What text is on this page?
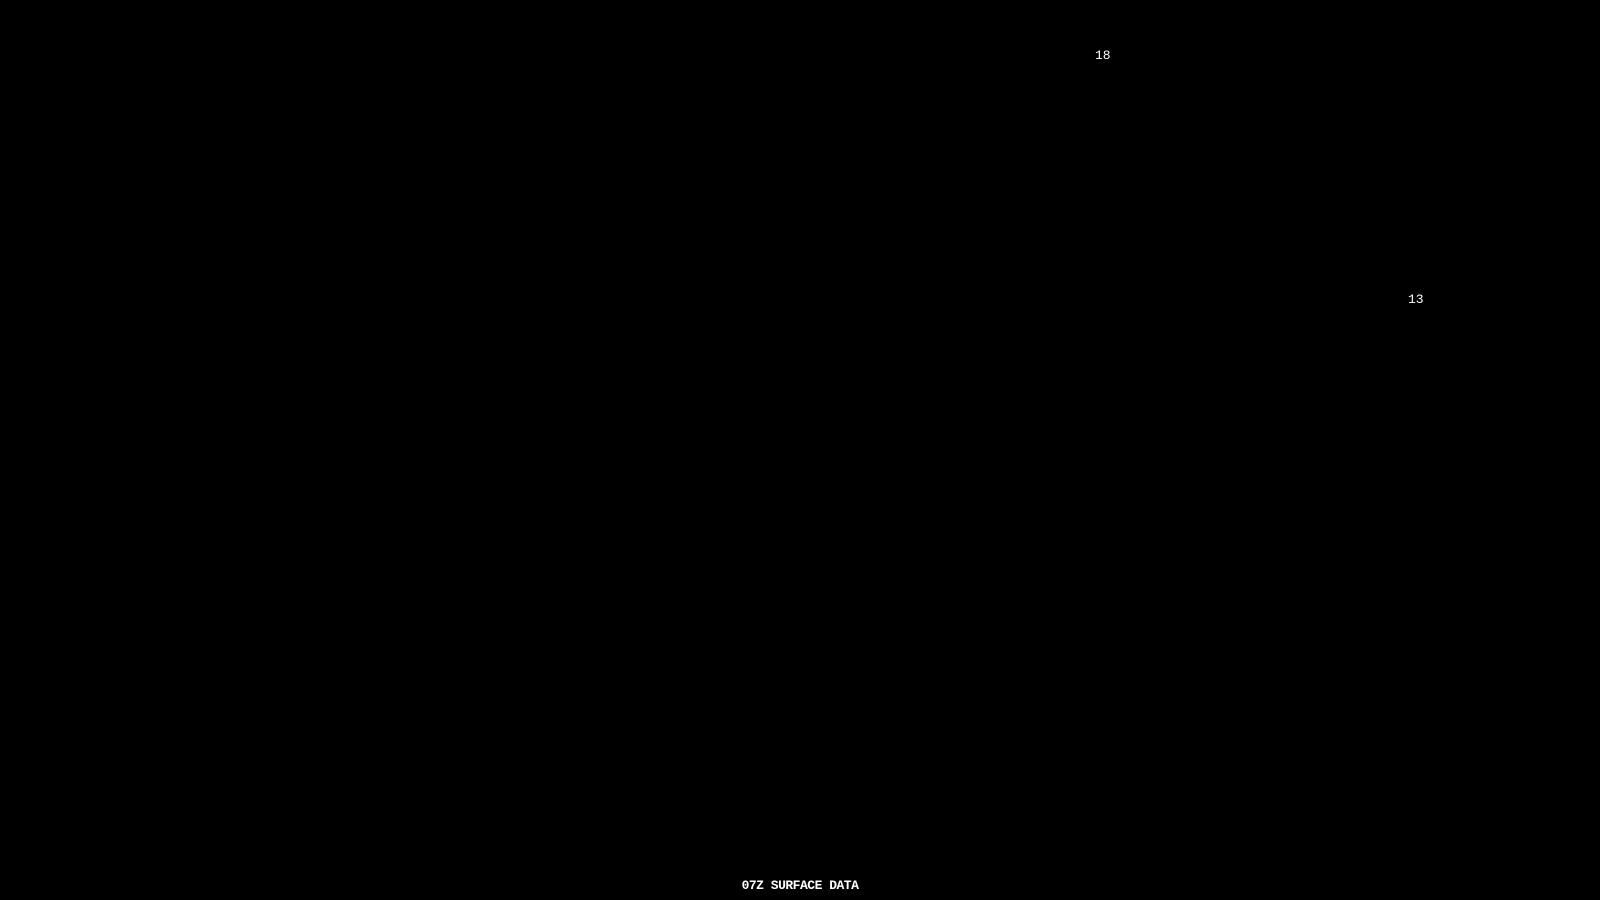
18
13
07Z SURFACE DATA
